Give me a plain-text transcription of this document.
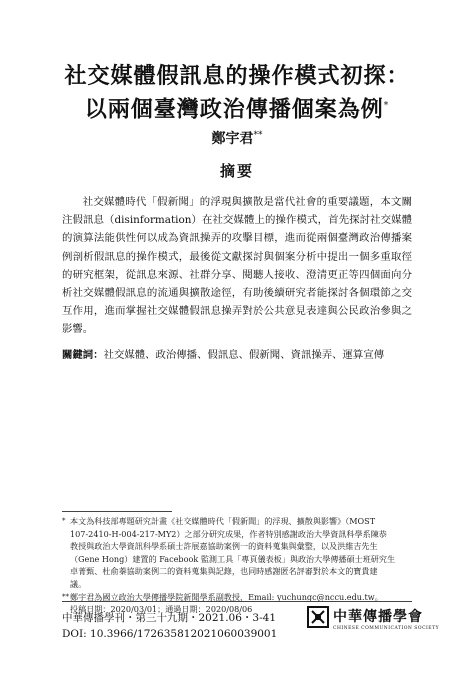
社交媒體假訊息的操作模式初探：
以兩個臺灣政治傳播個案為例*
鄭宇君**
摘要
社交媒體時代「假新聞」的浮現與擴散是當代社會的重要議題，本文關注假訊息（disinformation）在社交媒體上的操作模式，首先探討社交媒體的演算法能供性何以成為資訊操弄的攻擊目標，進而從兩個臺灣政治傳播案例剖析假訊息的操作模式，最後從文獻探討與個案分析中提出一個多重取徑的研究框架，從訊息來源、社群分享、閱聽人接收、澄清更正等四個面向分析社交媒體假訊息的流通與擴散途徑，有助後續研究者能探討各個環節之交互作用，進而掌握社交媒體假訊息操弄對於公共意見表達與公民政治參與之影響。
關鍵詞：社交媒體、政治傳播、假訊息、假新聞、資訊操弄、運算宣傳
* 本文為科技部專題研究計畫《社交媒體時代「假新聞」的浮現、擴散與影響》（MOST
107-2410-H-004-217-MY2）之部分研究成果，作者特別感謝政治大學資訊科學系陳恭
教授與政治大學資訊科學系碩士許展嘉協助案例一的資料蒐集與彙整，以及洪維吉先生
（Gene Hong）建置的 Facebook 監測工具「專頁儀表板」與政治大學傳播碩士班研究生
卓菁甄、杜俞蓁協助案例二的資料蒐集與記錄，也同時感謝匿名評審對於本文的寶貴建
議。
**鄭宇君為國立政治大學傳播學院新聞學系副教授，Email: yuchungc@nccu.edu.tw。
投稿日期：2020/03/01；通過日期：2020/08/06
中華傳播學刊・第三十九期・2021.06・3-41
DOI: 10.3966/172635812021060039001
中華傳播學會
CHINESE COMMUNICATION SOCIETY
